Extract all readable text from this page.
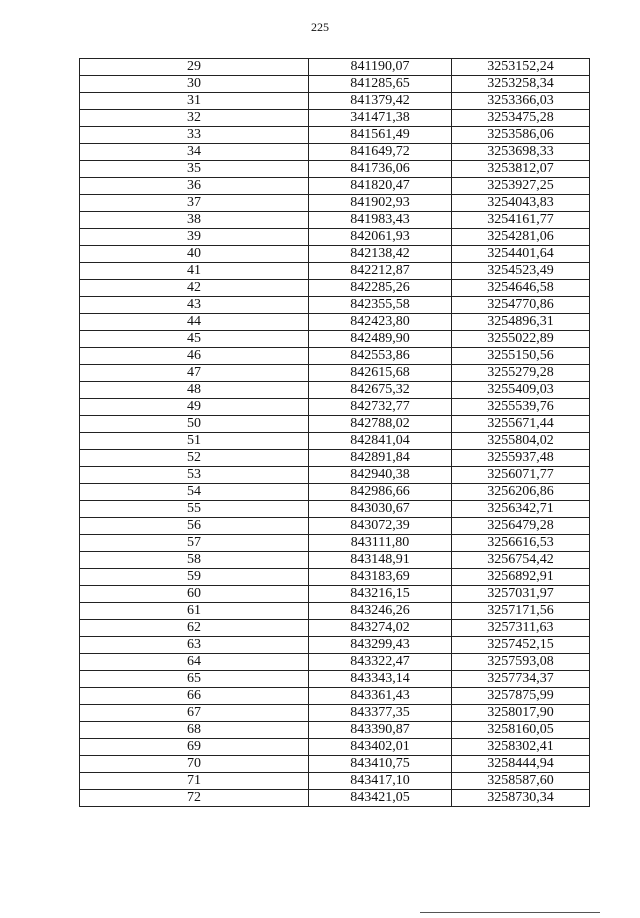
225
29	841190,07	3253152,24
30	841285,65	3253258,34
31	841379,42	3253366,03
32	341471,38	3253475,28
33	841561,49	3253586,06
34	841649,72	3253698,33
35	841736,06	3253812,07
36	841820,47	3253927,25
37	841902,93	3254043,83
38	841983,43	3254161,77
39	842061,93	3254281,06
40	842138,42	3254401,64
41	842212,87	3254523,49
42	842285,26	3254646,58
43	842355,58	3254770,86
44	842423,80	3254896,31
45	842489,90	3255022,89
46	842553,86	3255150,56
47	842615,68	3255279,28
48	842675,32	3255409,03
49	842732,77	3255539,76
50	842788,02	3255671,44
51	842841,04	3255804,02
52	842891,84	3255937,48
53	842940,38	3256071,77
54	842986,66	3256206,86
55	843030,67	3256342,71
56	843072,39	3256479,28
57	843111,80	3256616,53
58	843148,91	3256754,42
59	843183,69	3256892,91
60	843216,15	3257031,97
61	843246,26	3257171,56
62	843274,02	3257311,63
63	843299,43	3257452,15
64	843322,47	3257593,08
65	843343,14	3257734,37
66	843361,43	3257875,99
67	843377,35	3258017,90
68	843390,87	3258160,05
69	843402,01	3258302,41
70	843410,75	3258444,94
71	843417,10	3258587,60
72	843421,05	3258730,34
